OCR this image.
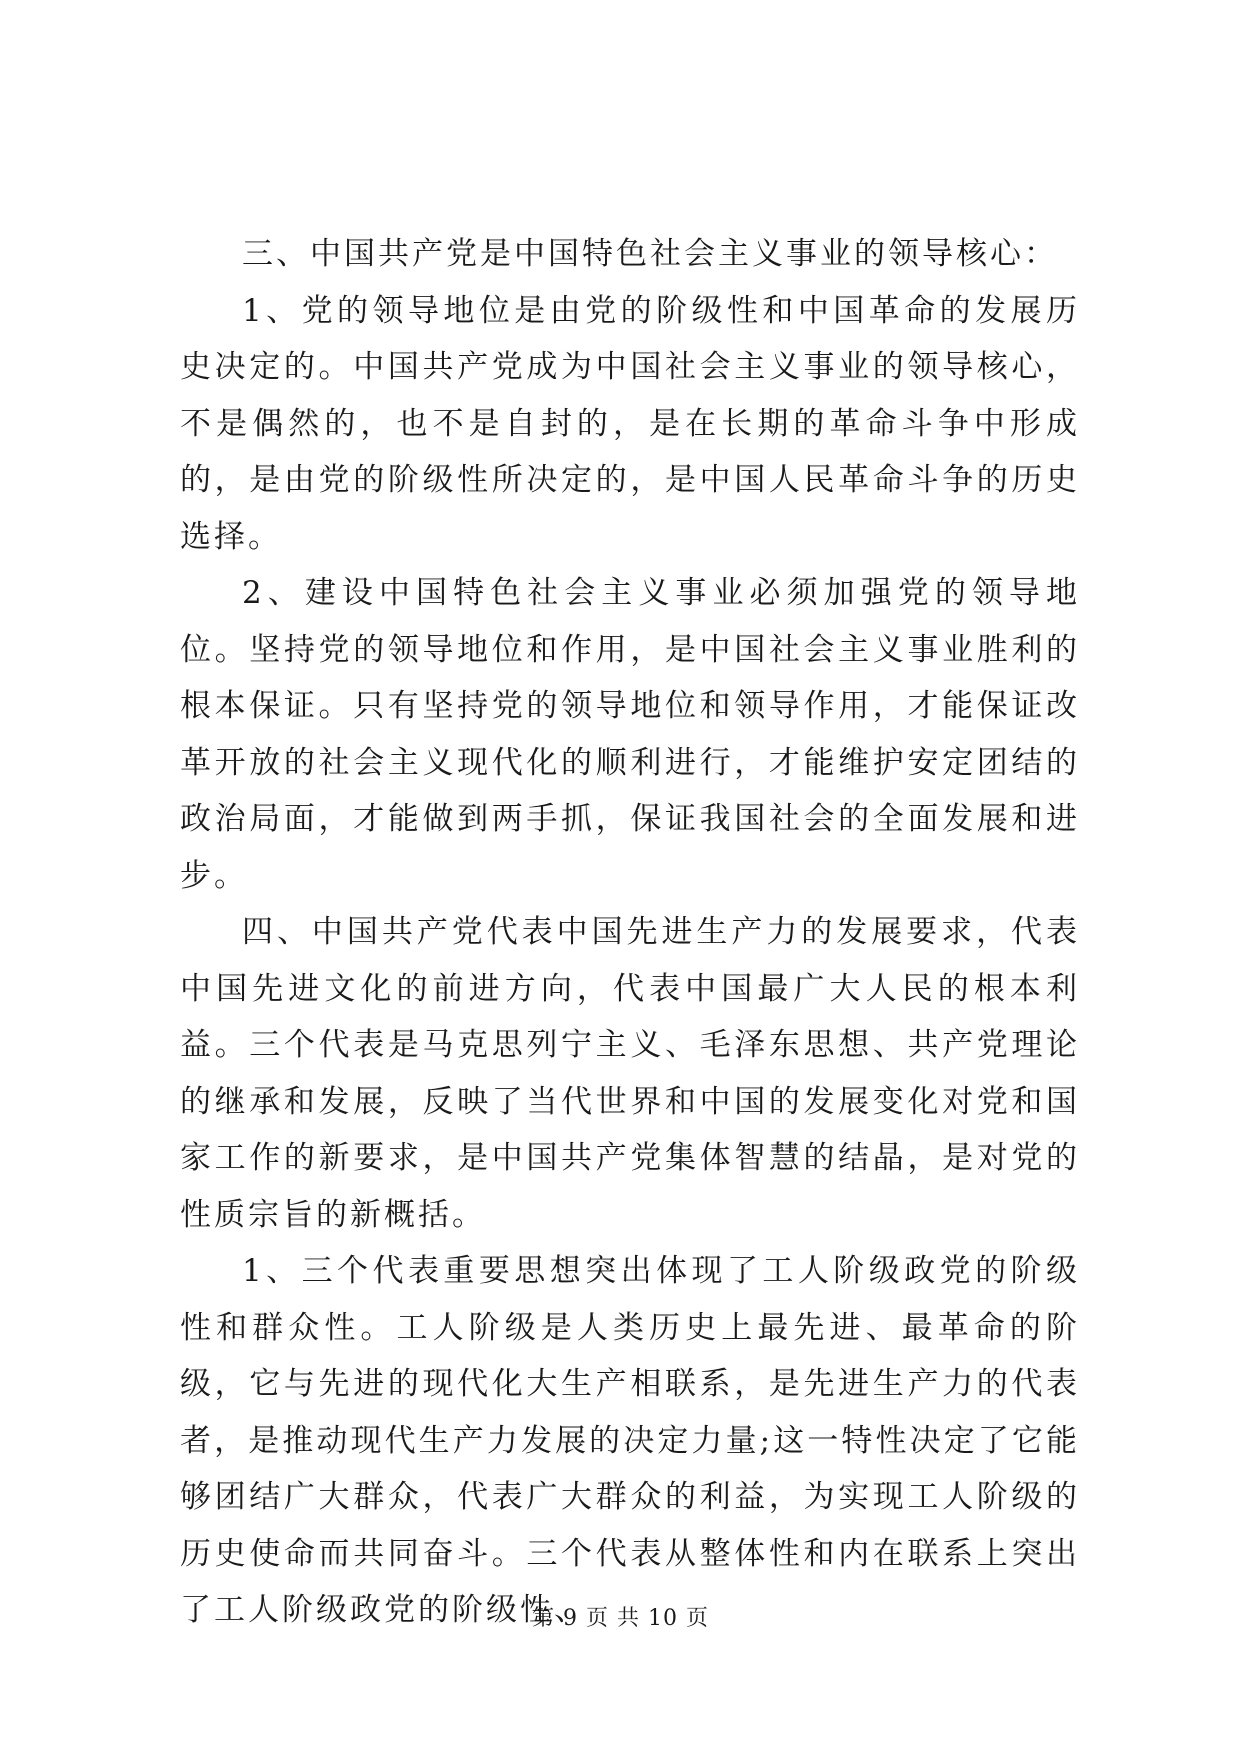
三、中国共产党是中国特色社会主义事业的领导核心：

1、党的领导地位是由党的阶级性和中国革命的发展历史决定的。中国共产党成为中国社会主义事业的领导核心，不是偶然的，也不是自封的，是在长期的革命斗争中形成的，是由党的阶级性所决定的，是中国人民革命斗争的历史选择。

2、建设中国特色社会主义事业必须加强党的领导地位。坚持党的领导地位和作用，是中国社会主义事业胜利的根本保证。只有坚持党的领导地位和领导作用，才能保证改革开放的社会主义现代化的顺利进行，才能维护安定团结的政治局面，才能做到两手抓，保证我国社会的全面发展和进步。

四、中国共产党代表中国先进生产力的发展要求，代表中国先进文化的前进方向，代表中国最广大人民的根本利益。三个代表是马克思列宁主义、毛泽东思想、共产党理论的继承和发展，反映了当代世界和中国的发展变化对党和国家工作的新要求，是中国共产党集体智慧的结晶，是对党的性质宗旨的新概括。

1、三个代表重要思想突出体现了工人阶级政党的阶级性和群众性。工人阶级是人类历史上最先进、最革命的阶级，它与先进的现代化大生产相联系，是先进生产力的代表者，是推动现代生产力发展的决定力量;这一特性决定了它能够团结广大群众，代表广大群众的利益，为实现工人阶级的历史使命而共同奋斗。三个代表从整体性和内在联系上突出了工人阶级政党的阶级性、

第 9 页 共 10 页
